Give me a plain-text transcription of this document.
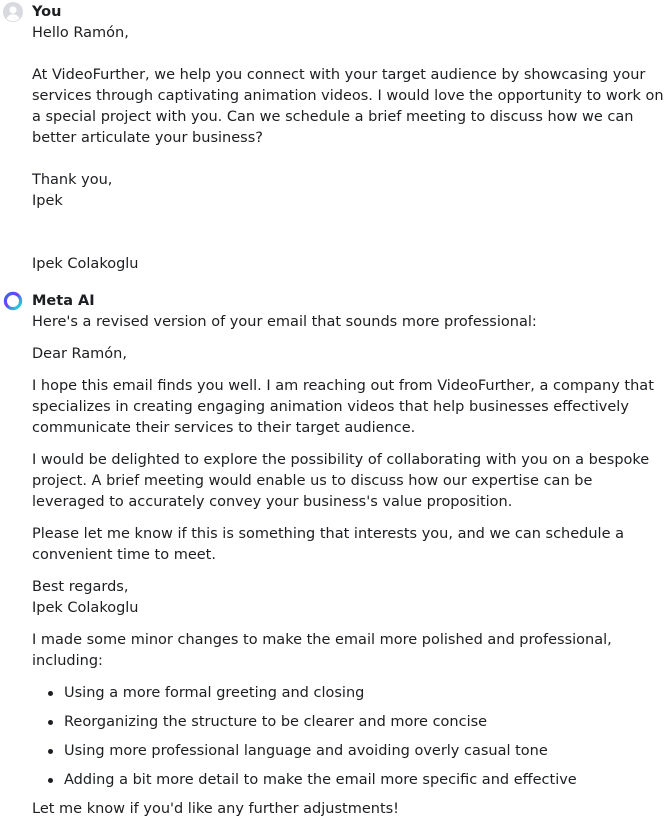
You

Hello Ramón,

At VideoFurther, we help you connect with your target audience by showcasing your services through captivating animation videos. I would love the opportunity to work on a special project with you. Can we schedule a brief meeting to discuss how we can better articulate your business?

Thank you,

Ipek

Ipek Colakoglu

Meta AI

Here's a revised version of your email that sounds more professional:

Dear Ramón,

I hope this email finds you well. I am reaching out from VideoFurther, a company that specializes in creating engaging animation videos that help businesses effectively communicate their services to their target audience.

I would be delighted to explore the possibility of collaborating with you on a bespoke project. A brief meeting would enable us to discuss how our expertise can be leveraged to accurately convey your business's value proposition.

Please let me know if this is something that interests you, and we can schedule a convenient time to meet.

Best regards,

Ipek Colakoglu

I made some minor changes to make the email more polished and professional, including:

Using a more formal greeting and closing
Reorganizing the structure to be clearer and more concise
Using more professional language and avoiding overly casual tone
Adding a bit more detail to make the email more specific and effective

Let me know if you'd like any further adjustments!
